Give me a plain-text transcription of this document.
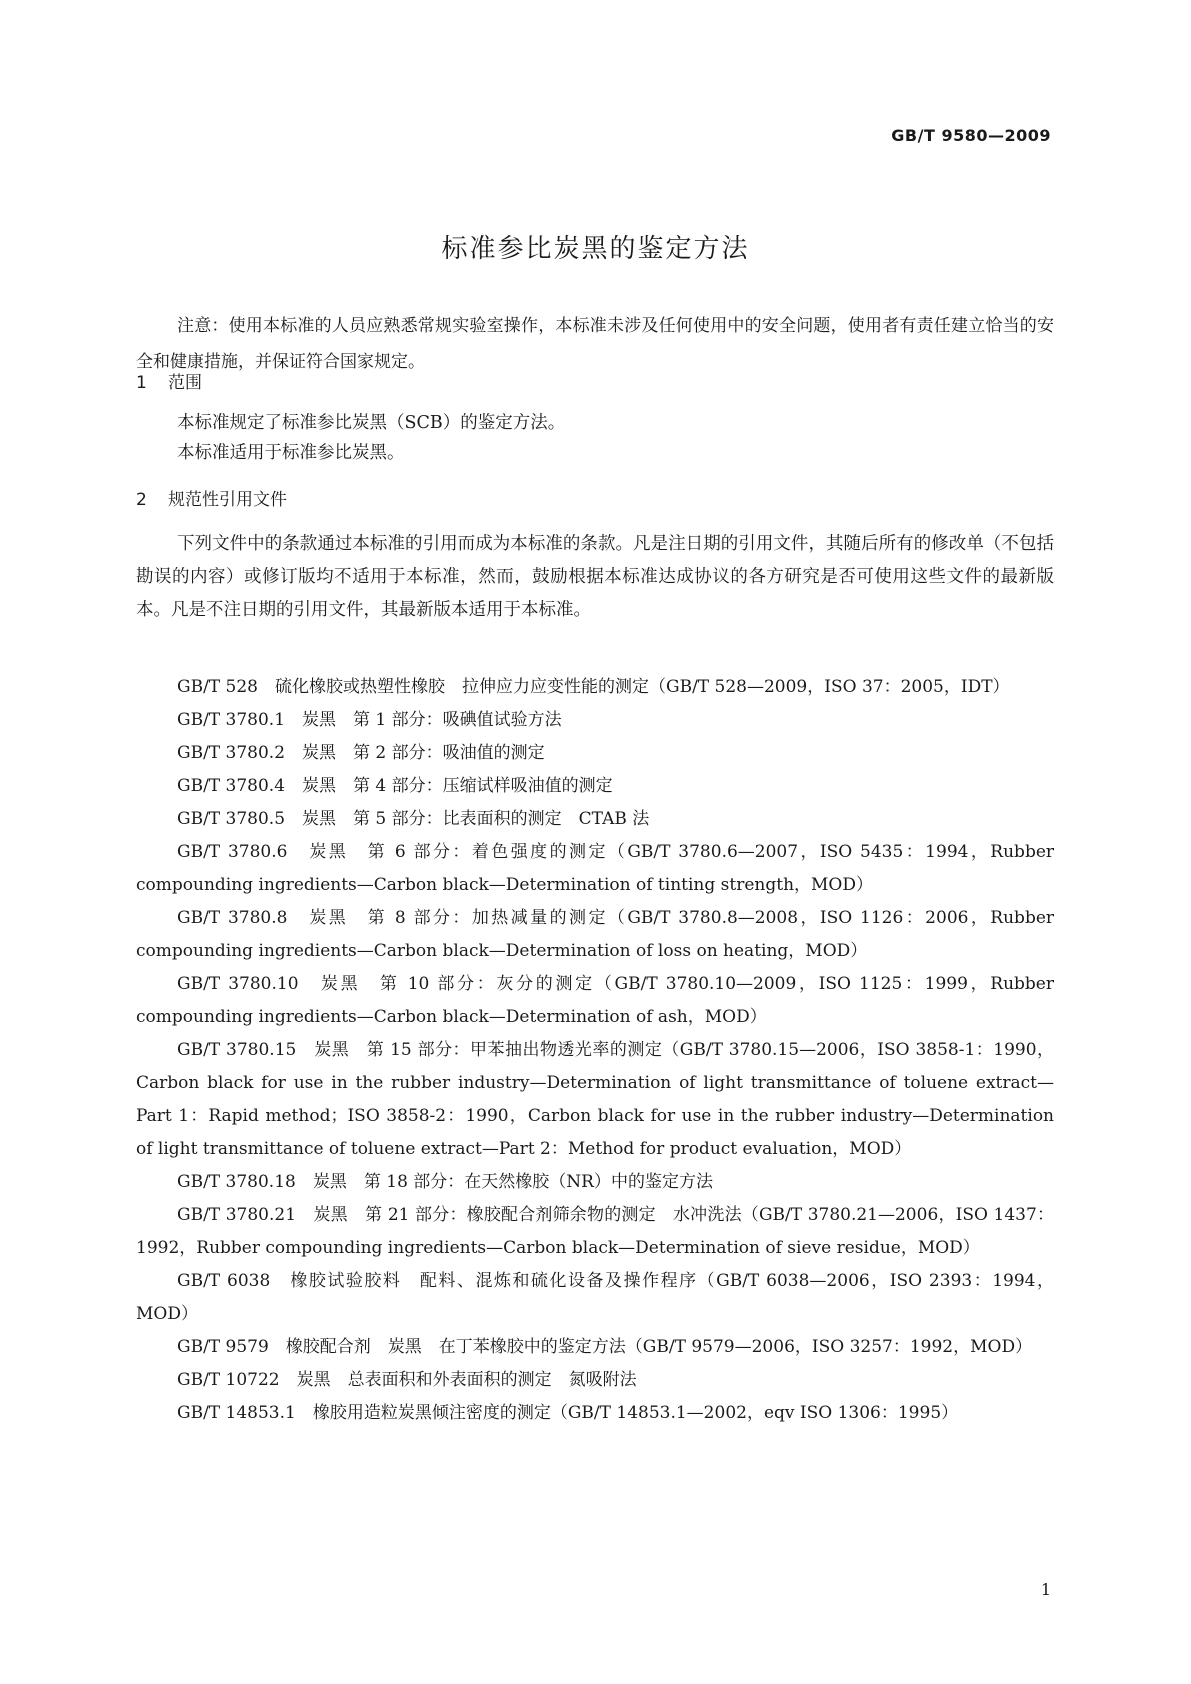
GB/T 9580—2009
标准参比炭黑的鉴定方法
注意：使用本标准的人员应熟悉常规实验室操作，本标准未涉及任何使用中的安全问题，使用者有责任建立恰当的安全和健康措施，并保证符合国家规定。
1 范围
本标准规定了标准参比炭黑（SCB）的鉴定方法。
本标准适用于标准参比炭黑。
2 规范性引用文件
下列文件中的条款通过本标准的引用而成为本标准的条款。凡是注日期的引用文件，其随后所有的修改单（不包括勘误的内容）或修订版均不适用于本标准，然而，鼓励根据本标准达成协议的各方研究是否可使用这些文件的最新版本。凡是不注日期的引用文件，其最新版本适用于本标准。

GB/T 528　 硫化橡胶或热塑性橡胶　拉伸应力应变性能的测定（GB/T 528—2009，ISO 37：2005，IDT）

GB/T 3780.1　 炭黑　第 1 部分：吸碘值试验方法

GB/T 3780.2　 炭黑　第 2 部分：吸油值的测定

GB/T 3780.4　 炭黑　第 4 部分：压缩试样吸油值的测定

GB/T 3780.5　 炭黑　第 5 部分：比表面积的测定　CTAB 法

GB/T 3780.6　 炭黑　第 6 部分：着色强度的测定（GB/T 3780.6—2007，ISO 5435：1994，Rubber compounding ingredients—Carbon black—Determination of tinting strength，MOD）

GB/T 3780.8　 炭黑　第 8 部分：加热减量的测定（GB/T 3780.8—2008，ISO 1126：2006，Rubber compounding ingredients—Carbon black—Determination of loss on heating，MOD）

GB/T 3780.10　 炭黑　第 10 部分：灰分的测定（GB/T 3780.10—2009，ISO 1125：1999，Rubber compounding ingredients—Carbon black—Determination of ash，MOD）

GB/T 3780.15　 炭黑　第 15 部分：甲苯抽出物透光率的测定（GB/T 3780.15—2006，ISO 3858-1：1990，Carbon black for use in the rubber industry—Determination of light transmittance of toluene extract—Part 1：Rapid method；ISO 3858-2：1990，Carbon black for use in the rubber industry—Determination of light transmittance of toluene extract—Part 2：Method for product evaluation，MOD）

GB/T 3780.18　 炭黑　第 18 部分：在天然橡胶（NR）中的鉴定方法

GB/T 3780.21　 炭黑　第 21 部分：橡胶配合剂筛余物的测定　水冲洗法（GB/T 3780.21—2006，ISO 1437：1992，Rubber compounding ingredients—Carbon black—Determination of sieve residue，MOD）

GB/T 6038　 橡胶试验胶料　配料、混炼和硫化设备及操作程序（GB/T 6038—2006，ISO 2393：1994，MOD）

GB/T 9579　 橡胶配合剂　炭黑　在丁苯橡胶中的鉴定方法（GB/T 9579—2006，ISO 3257：1992，MOD）

GB/T 10722　 炭黑　总表面积和外表面积的测定　氮吸附法

GB/T 14853.1　 橡胶用造粒炭黑倾注密度的测定（GB/T 14853.1—2002，eqv ISO 1306：1995）

1
